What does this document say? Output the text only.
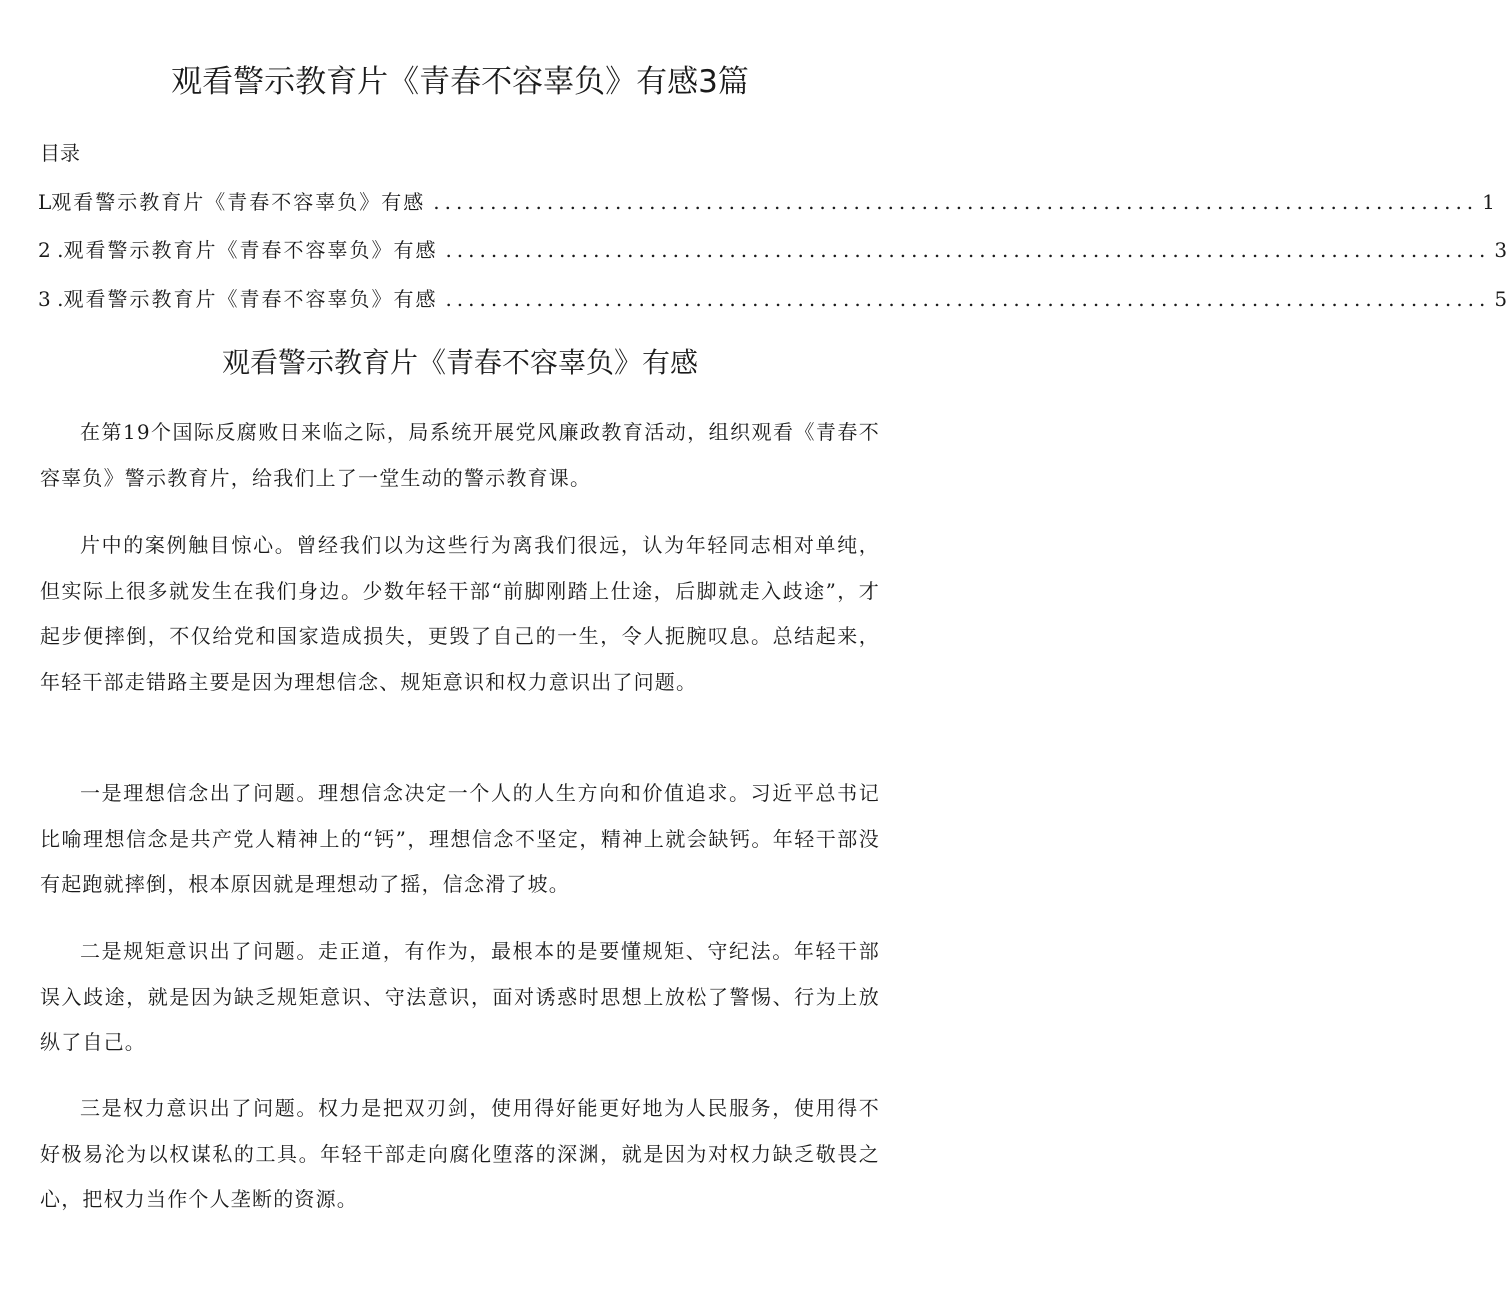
观看警示教育片《青春不容辜负》有感3篇
目录
L 观看警示教育片《青春不容辜负》有感 ............................................................................................ 1
2 . 观看警示教育片《青春不容辜负》有感 ............................................................................................ 3
3 . 观看警示教育片《青春不容辜负》有感 ............................................................................................ 5
观看警示教育片《青春不容辜负》有感

在第19个国际反腐败日来临之际，局系统开展党风廉政教育活动，组织观看《青春不容辜负》警示教育片，给我们上了一堂生动的警示教育课。

片中的案例触目惊心。曾经我们以为这些行为离我们很远，认为年轻同志相对单纯，但实际上很多就发生在我们身边。少数年轻干部“前脚刚踏上仕途，后脚就走入歧途”，才起步便摔倒，不仅给党和国家造成损失，更毁了自己的一生，令人扼腕叹息。总结起来，年轻干部走错路主要是因为理想信念、规矩意识和权力意识出了问题。

一是理想信念出了问题。理想信念决定一个人的人生方向和价值追求。习近平总书记比喻理想信念是共产党人精神上的“钙”，理想信念不坚定，精神上就会缺钙。年轻干部没有起跑就摔倒，根本原因就是理想动了摇，信念滑了坡。

二是规矩意识出了问题。走正道，有作为，最根本的是要懂规矩、守纪法。年轻干部误入歧途，就是因为缺乏规矩意识、守法意识，面对诱惑时思想上放松了警惕、行为上放纵了自己。

三是权力意识出了问题。权力是把双刃剑，使用得好能更好地为人民服务，使用得不好极易沦为以权谋私的工具。年轻干部走向腐化堕落的深渊，就是因为对权力缺乏敬畏之心，把权力当作个人垄断的资源。
